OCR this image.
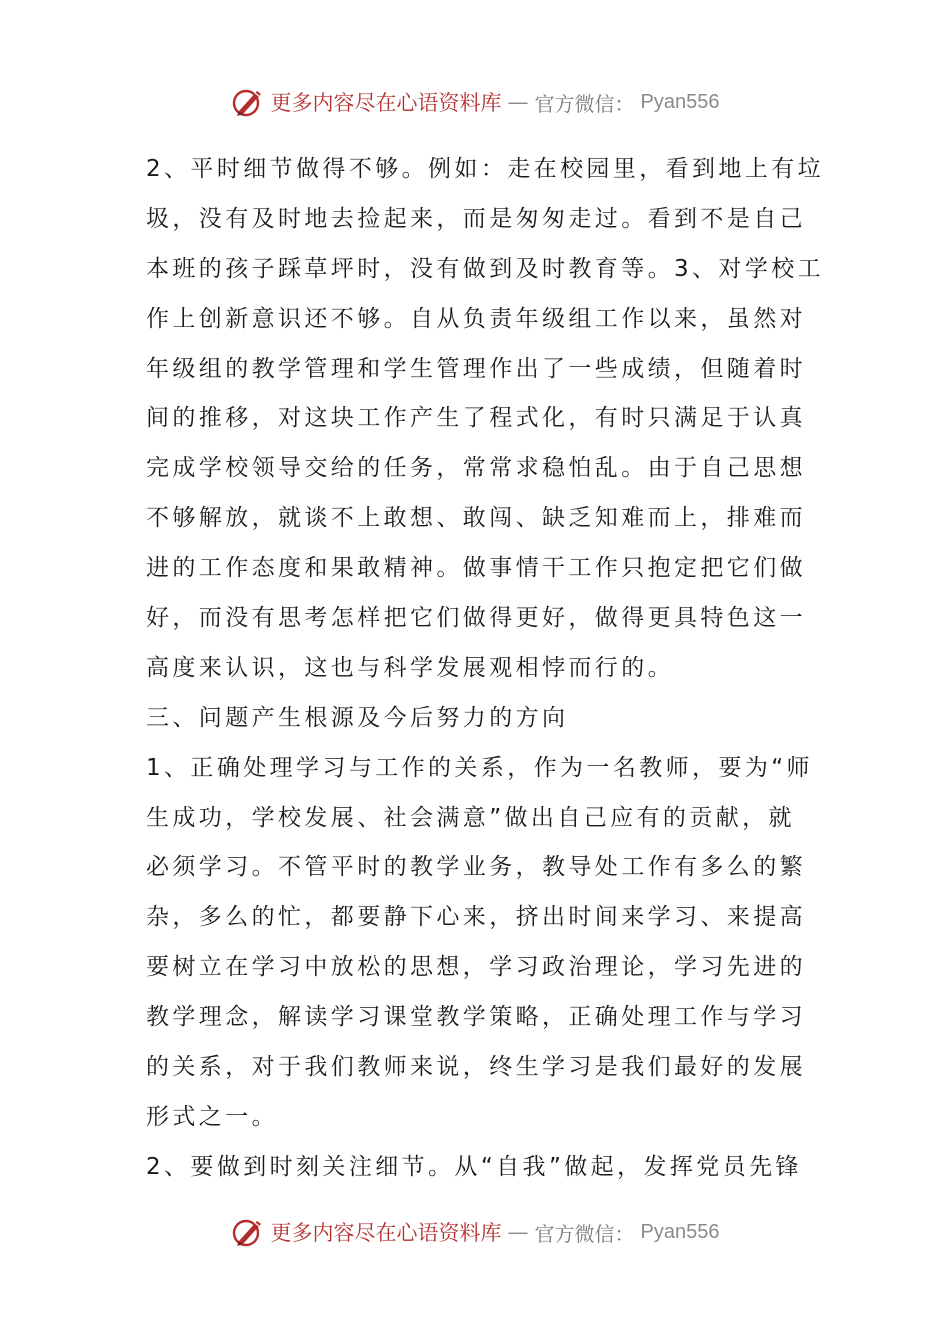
更多内容尽在心语资料库 — 官方微信： Pyan556
2、平时细节做得不够。例如：走在校园里，看到地上有垃
圾，没有及时地去捡起来，而是匆匆走过。看到不是自己
本班的孩子踩草坪时，没有做到及时教育等。3、对学校工
作上创新意识还不够。自从负责年级组工作以来，虽然对
年级组的教学管理和学生管理作出了一些成绩，但随着时
间的推移，对这块工作产生了程式化，有时只满足于认真
完成学校领导交给的任务，常常求稳怕乱。由于自己思想
不够解放，就谈不上敢想、敢闯、缺乏知难而上，排难而
进的工作态度和果敢精神。做事情干工作只抱定把它们做
好，而没有思考怎样把它们做得更好，做得更具特色这一
高度来认识，这也与科学发展观相悖而行的。
三、问题产生根源及今后努力的方向
1、正确处理学习与工作的关系，作为一名教师，要为“师
生成功，学校发展、社会满意”做出自己应有的贡献，就
必须学习。不管平时的教学业务，教导处工作有多么的繁
杂，多么的忙，都要静下心来，挤出时间来学习、来提高
要树立在学习中放松的思想，学习政治理论，学习先进的
教学理念，解读学习课堂教学策略，正确处理工作与学习
的关系，对于我们教师来说，终生学习是我们最好的发展
形式之一。
2、要做到时刻关注细节。从“自我”做起，发挥党员先锋
更多内容尽在心语资料库 — 官方微信： Pyan556
